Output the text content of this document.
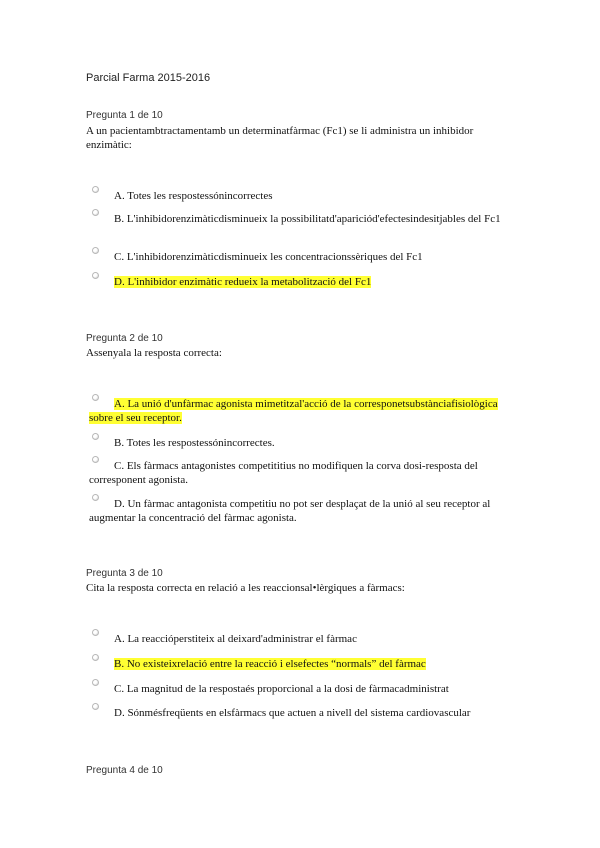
Parcial Farma 2015-2016
Pregunta 1 de 10
A un pacientambtractamentamb un determinatfàrmac (Fc1) se li administra un inhibidor enzimàtic:
A. Totes les respostessónincorrectes
B. L'inhibidorenzimàticdisminueix la possibilitatd'apariciód'efectesindesitjables del Fc1
C. L'inhibidorenzimàticdisminueix les concentracionssèriques del Fc1
D. L'inhibidor enzimàtic redueix la metabolització del Fc1
Pregunta 2 de 10
Assenyala la resposta correcta:
A. La unió d'unfàrmac agonista mimetitzal'acció de la corresponetsubstànciafisiològica sobre el seu receptor.
B. Totes les respostessónincorrectes.
C. Els fàrmacs antagonistes competititius no modifiquen la corva dosi-resposta del corresponent agonista.
D. Un fàrmac antagonista competitiu no pot ser desplaçat de la unió al seu receptor al augmentar la concentració del fàrmac agonista.
Pregunta 3 de 10
Cita la resposta correcta en relació a les reaccionsal•lèrgiques a fàrmacs:
A. La reaccióperstiteix al deixard'administrar el fàrmac
B. No existeixrelació entre la reacció i elsefectes “normals” del fàrmac
C. La magnitud de la respostaés proporcional a la dosi de fàrmacadministrat
D. Sónmésfreqüents en elsfàrmacs que actuen a nivell del sistema cardiovascular
Pregunta 4 de 10
